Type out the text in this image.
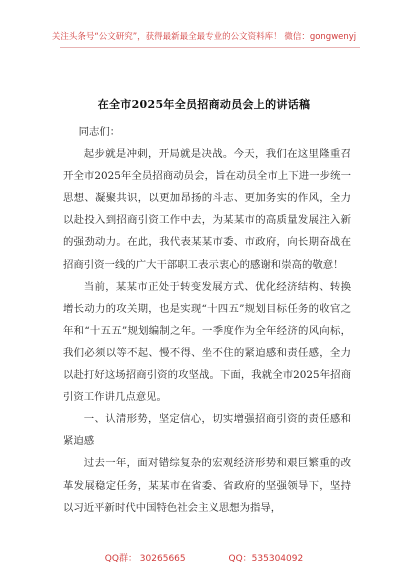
关注头条号“公文研究”，获得最新最全最专业的公文资料库！ 微信：gongwenyj
在全市2025年全员招商动员会上的讲话稿

同志们：

起步就是冲刺，开局就是决战。今天，我们在这里隆重召开全市2025年全员招商动员会，旨在动员全市上下进一步统一思想、凝聚共识，以更加昂扬的斗志、更加务实的作风，全力以赴投入到招商引资工作中去，为某某市的高质量发展注入新的强劲动力。在此，我代表某某市委、市政府，向长期奋战在招商引资一线的广大干部职工表示衷心的感谢和崇高的敬意！

当前，某某市正处于转变发展方式、优化经济结构、转换增长动力的攻关期，也是实现“十四五”规划目标任务的收官之年和“十五五”规划编制之年。一季度作为全年经济的风向标，我们必须以等不起、慢不得、坐不住的紧迫感和责任感，全力以赴打好这场招商引资的攻坚战。下面，我就全市2025年招商引资工作讲几点意见。

一、认清形势，坚定信心，切实增强招商引资的责任感和紧迫感

过去一年，面对错综复杂的宏观经济形势和艰巨繁重的改革发展稳定任务，某某市在省委、省政府的坚强领导下，坚持以习近平新时代中国特色社会主义思想为指导，

QQ群： 30265665	QQ：535304092
